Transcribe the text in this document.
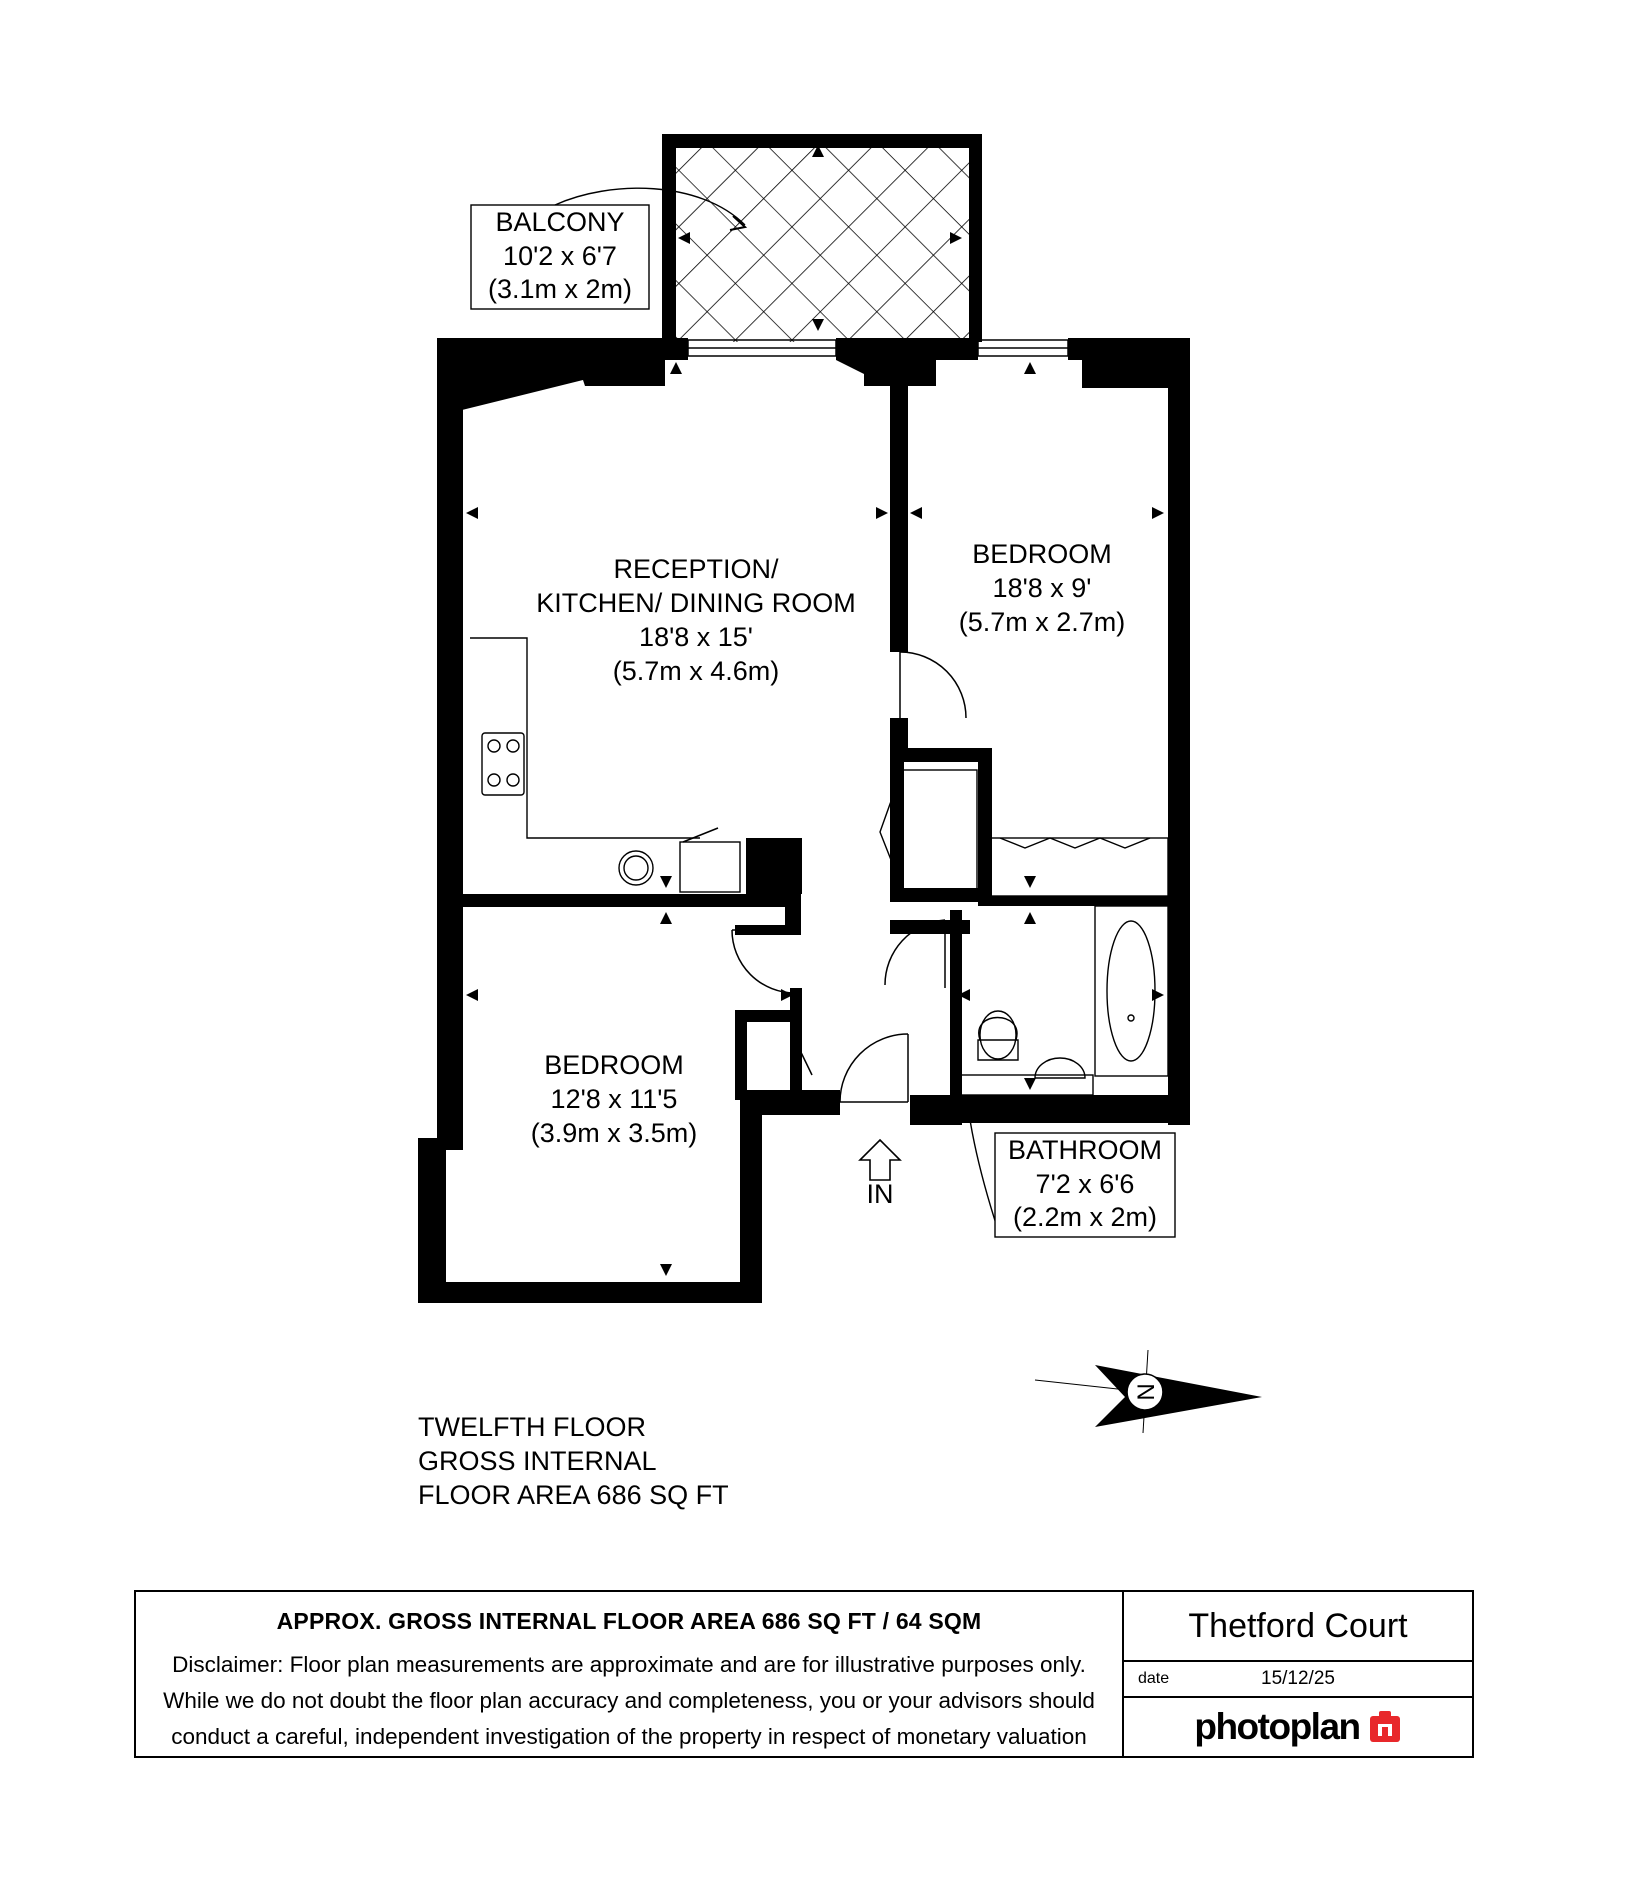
BALCONY
10'2 x 6'7
(3.1m x 2m)
RECEPTION/
KITCHEN/ DINING ROOM
18'8 x 15'
(5.7m x 4.6m)
BEDROOM
18'8 x 9'
(5.7m x 2.7m)
BEDROOM
12'8 x 11'5
(3.9m x 3.5m)
BATHROOM
7'2 x 6'6
(2.2m x 2m)
IN
N
TWELFTH FLOOR
GROSS INTERNAL
FLOOR AREA 686 SQ FT
APPROX. GROSS INTERNAL FLOOR AREA 686 SQ FT / 64 SQM
Disclaimer: Floor plan measurements are approximate and are for illustrative purposes only.
While we do not doubt the floor plan accuracy and completeness, you or your advisors should
conduct a careful, independent investigation of the property in respect of monetary valuation
Thetford Court
date	15/12/25
photoplan
